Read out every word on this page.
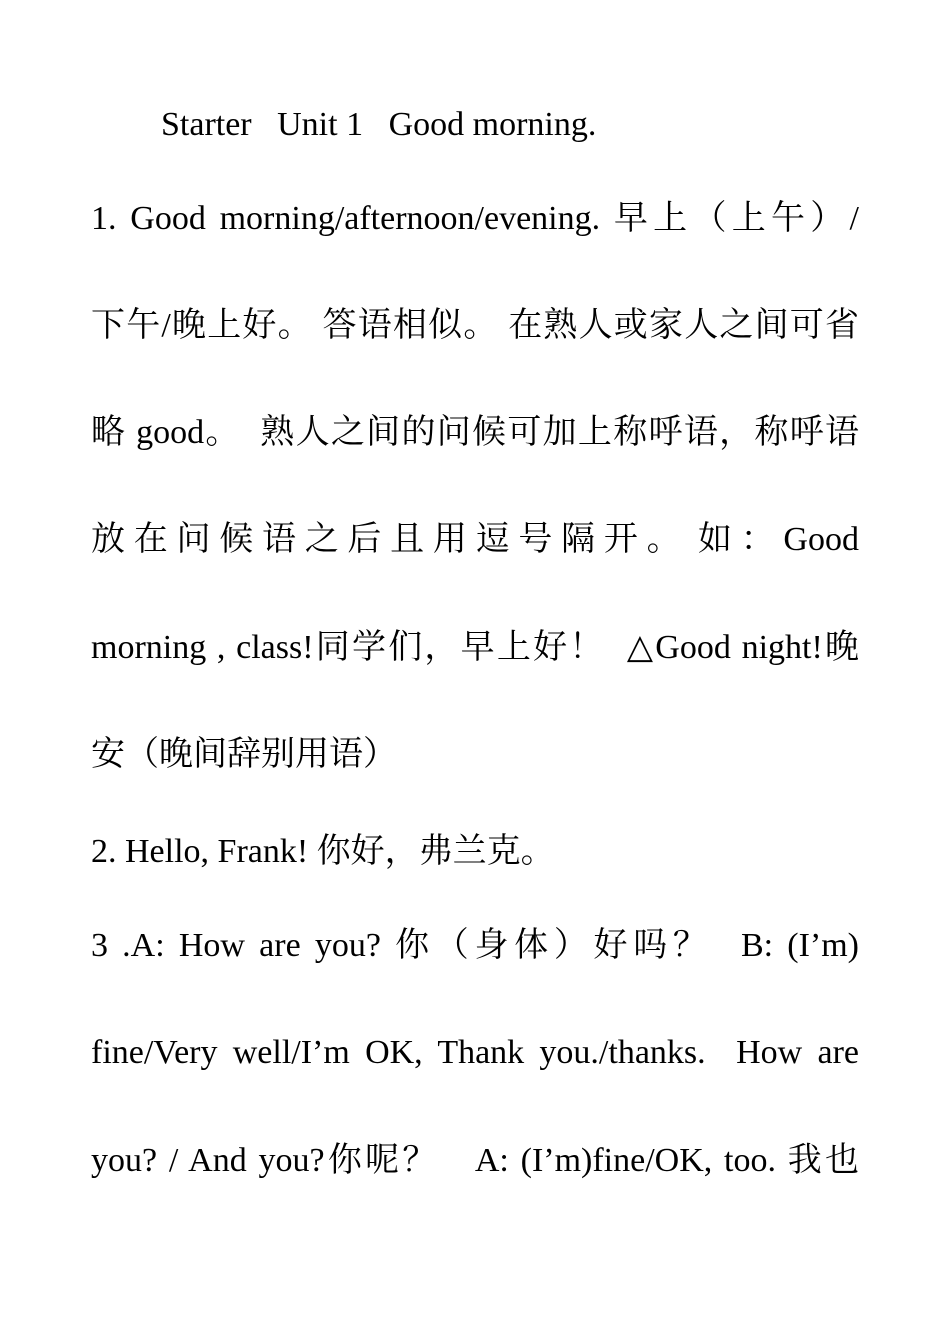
Starter   Unit 1   Good morning.
1. Good morning/afternoon/evening. 早上（上午）/
下午/晚上好。 答语相似。 在熟人或家人之间可省
略 good。  熟人之间的问候可加上称呼语，称呼语
放 在 问 候 语 之 后 且 用 逗 号 隔 开 。  如 ： Good
morning , class!同学们，早上好！  △Good night!晚
安（晚间辞别用语）
2. Hello, Frank! 你好，弗兰克。
3 .A: How are you? 你（身体）好吗？  B: (I’m)
fine/Very well/I’m OK, Thank you./thanks.  How are
you? / And you?你呢？   A: (I’m)fine/OK, too. 我也
